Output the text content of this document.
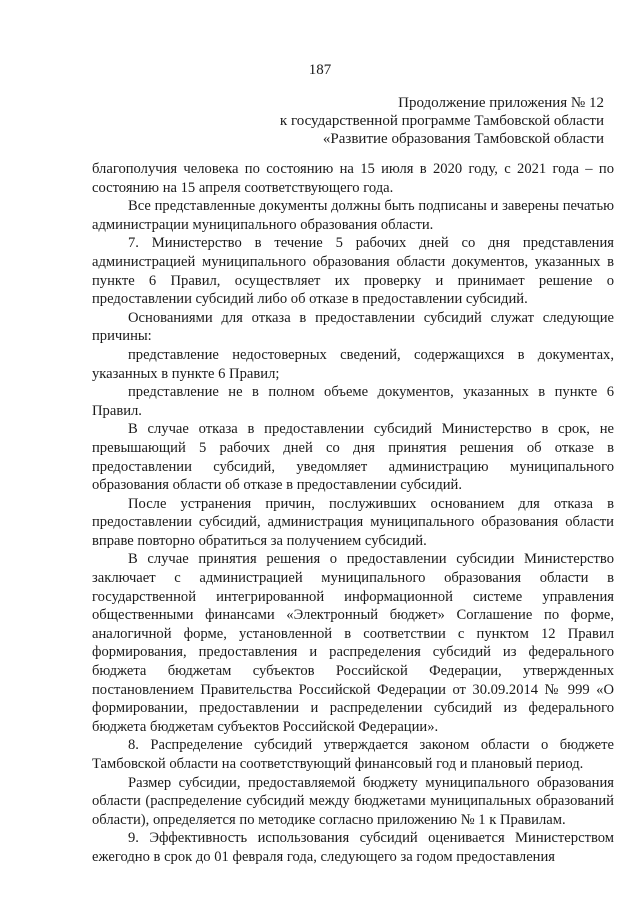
187
Продолжение приложения № 12
к государственной программе Тамбовской области
«Развитие образования Тамбовской области

благополучия человека по состоянию на 15 июля в 2020 году, с 2021 года – по состоянию на 15 апреля соответствующего года.

Все представленные документы должны быть подписаны и заверены печатью администрации муниципального образования области.

7. Министерство в течение 5 рабочих дней со дня представления администрацией муниципального образования области документов, указанных в пункте 6 Правил, осуществляет их проверку и принимает решение о предоставлении субсидий либо об отказе в предоставлении субсидий.

Основаниями для отказа в предоставлении субсидий служат следующие причины:

представление недостоверных сведений, содержащихся в документах, указанных в пункте 6 Правил;

представление не в полном объеме документов, указанных в пункте 6 Правил.

В случае отказа в предоставлении субсидий Министерство в срок, не превышающий 5 рабочих дней со дня принятия решения об отказе в предоставлении субсидий, уведомляет администрацию муниципального образования области об отказе в предоставлении субсидий.

После устранения причин, послуживших основанием для отказа в предоставлении субсидий, администрация муниципального образования области вправе повторно обратиться за получением субсидий.

В случае принятия решения о предоставлении субсидии Министерство заключает с администрацией муниципального образования области в государственной интегрированной информационной системе управления общественными финансами «Электронный бюджет» Соглашение по форме, аналогичной форме, установленной в соответствии с пунктом 12 Правил формирования, предоставления и распределения субсидий из федерального бюджета бюджетам субъектов Российской Федерации, утвержденных постановлением Правительства Российской Федерации от 30.09.2014 № 999 «О формировании, предоставлении и распределении субсидий из федерального бюджета бюджетам субъектов Российской Федерации».

8. Распределение субсидий утверждается законом области о бюджете Тамбовской области на соответствующий финансовый год и плановый период.

Размер субсидии, предоставляемой бюджету муниципального образования области (распределение субсидий между бюджетами муниципальных образований области), определяется по методике согласно приложению № 1 к Правилам.

9. Эффективность использования субсидий оценивается Министерством ежегодно в срок до 01 февраля года, следующего за годом предоставления
